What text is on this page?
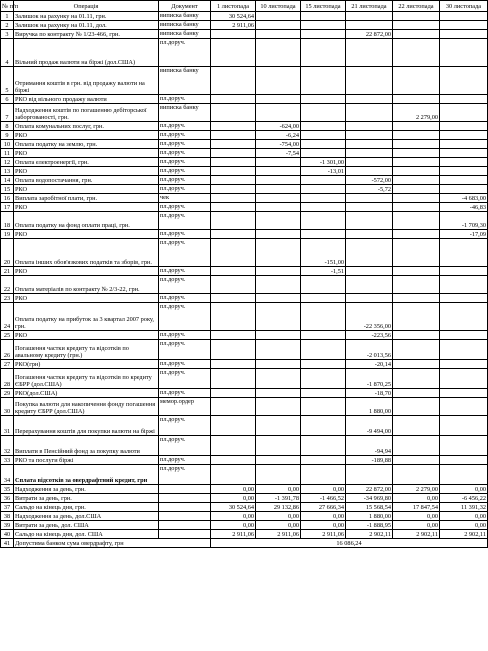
№ п/п	Операція	Документ	1 листопада	10 листопада	15 листопада	21 листопада	22 листопада	30 листопада
1	Залишок на рахунку на 01.11, грн.	виписка банку	30 524,64					
2	Залишок на рахунку на 01.11, дол.	виписка банку	2 911,06					
3	Виручка по контракту № 1/23-466, грн.	виписка банку				22 872,00		
4	Вільний продаж валюти на біржі (дол.США)	пл.доруч.						
5	Отримання коштів в грн. від продажу валюти на біржі	виписка банку						
6	РКО від вільного продажу валюти	пл.доруч.						
7	Надходження коштів по погашенню дебіторської заборгованості, грн.	виписка банку					2 279,00	
8	Оплата комунальних послуг, грн.	пл.доруч.		-624,00				
9	РКО	пл.доруч.		-6,24				
10	Оплата податку на землю, грн.	пл.доруч.		-754,00				
11	РКО	пл.доруч.		-7,54				
12	Оплата електроенергії, грн.	пл.доруч.			-1 301,00			
13	РКО	пл.доруч.			-13,01			
14	Оплата водопостачання, грн.	пл.доруч.				-572,00		
15	РКО	пл.доруч.				-5,72		
16	Виплата заробітної плати, грн.	чек						-4 683,00
17	РКО	пл.доруч.						-46,83
18	Оплата податку на фонд оплати праці, грн.	пл.доруч.						-1 709,30
19	РКО	пл.доруч.						-17,09
20	Оплата інших обов'язкових податків та зборів, грн.	пл.доруч.			-151,00			
21	РКО	пл.доруч.			-1,51			
22	Оплата матеріалів по контракту № 2/3-22, грн.	пл.доруч.						
23	РКО	пл.доруч.						
24	Оплата податку на прибуток за 3 квартал 2007 року, грн.	пл.доруч.				-22 356,00		
25	РКО	пл.доруч.				-223,56		
26	Погашення частки кредиту та відсотків по авальному кредиту (грн.)	пл.доруч.				-2 013,56		
27	РКО(грн)	пл.доруч.				-20,14		
28	Погашення частки кредиту та відсотків по кредиту ЄБРР (дол.США)	пл.доруч.				-1 870,25		
29	РКО(дол.США)	пл.доруч.				-18,70		
30	Покупка валюти для накопичення фонду погашення кредиту ЄБРР (дол.США)	мемор.ордер				1 880,00		
31	Перерахування коштів для покупки валюти на біржі	пл.доруч.				-9 494,00		
32	Виплати в Пенсійний фонд за покупку валюти	пл.доруч.				-94,94		
33	РКО та послуги біржі	пл.доруч.				-189,88		
34	Сплата відсотків за овердрафтний кредит, грн	пл.доруч.						
35	Надходження за день, грн.		0,00	0,00	0,00	22 872,00	2 279,00	0,00
36	Витрати за день, грн.		0,00	-1 391,78	-1 466,52	-34 969,80	0,00	-6 456,22
37	Сальдо на кінець дня, грн.		30 524,64	29 132,86	27 666,34	15 568,54	17 847,54	11 391,32
38	Надходження за день, дол.США		0,00	0,00	0,00	1 880,00	0,00	0,00
39	Витрати за день, дол. США		0,00	0,00	0,00	-1 888,95	0,00	0,00
40	Сальдо на кінець дня, дол. США		2 911,06	2 911,06	2 911,06	2 902,11	2 902,11	2 902,11
41	Допустима банком сума овердрафту, грн		16 086,24					
